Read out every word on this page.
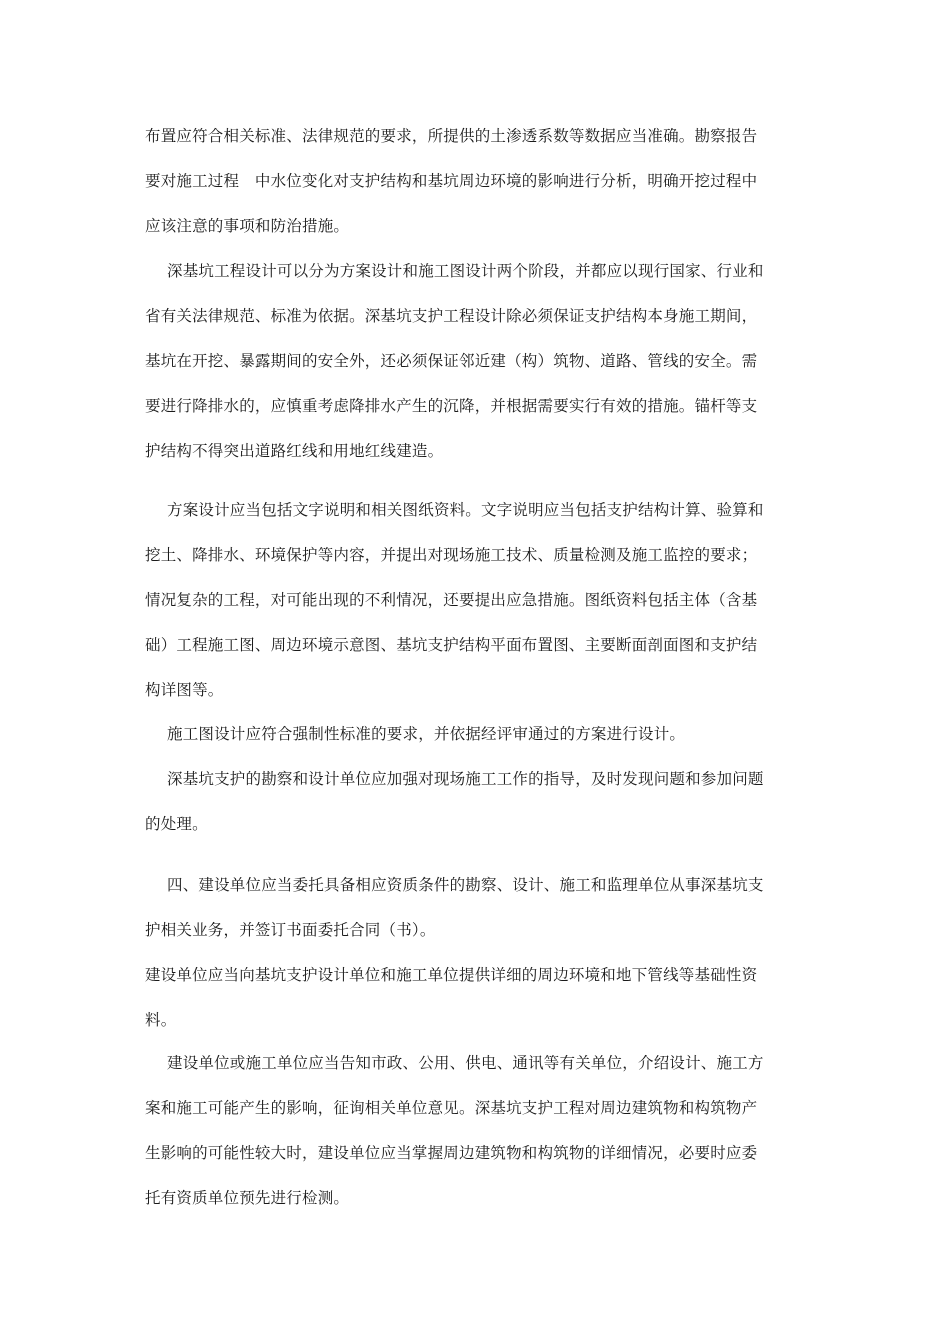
布置应符合相关标准、法律规范的要求，所提供的土渗透系数等数据应当准确。勘察报告
要对施工过程　中水位变化对支护结构和基坑周边环境的影响进行分析，明确开挖过程中
应该注意的事项和防治措施。
深基坑工程设计可以分为方案设计和施工图设计两个阶段，并都应以现行国家、行业和
省有关法律规范、标准为依据。深基坑支护工程设计除必须保证支护结构本身施工期间，
基坑在开挖、暴露期间的安全外，还必须保证邻近建（构）筑物、道路、管线的安全。需
要进行降排水的，应慎重考虑降排水产生的沉降，并根据需要实行有效的措施。锚杆等支
护结构不得突出道路红线和用地红线建造。
方案设计应当包括文字说明和相关图纸资料。文字说明应当包括支护结构计算、验算和
挖土、降排水、环境保护等内容，并提出对现场施工技术、质量检测及施工监控的要求；
情况复杂的工程，对可能出现的不利情况，还要提出应急措施。图纸资料包括主体（含基
础）工程施工图、周边环境示意图、基坑支护结构平面布置图、主要断面剖面图和支护结
构详图等。
施工图设计应符合强制性标准的要求，并依据经评审通过的方案进行设计。
深基坑支护的勘察和设计单位应加强对现场施工工作的指导，及时发现问题和参加问题
的处理。
四、建设单位应当委托具备相应资质条件的勘察、设计、施工和监理单位从事深基坑支
护相关业务，并签订书面委托合同（书）。
建设单位应当向基坑支护设计单位和施工单位提供详细的周边环境和地下管线等基础性资
料。
建设单位或施工单位应当告知市政、公用、供电、通讯等有关单位，介绍设计、施工方
案和施工可能产生的影响，征询相关单位意见。深基坑支护工程对周边建筑物和构筑物产
生影响的可能性较大时，建设单位应当掌握周边建筑物和构筑物的详细情况，必要时应委
托有资质单位预先进行检测。
